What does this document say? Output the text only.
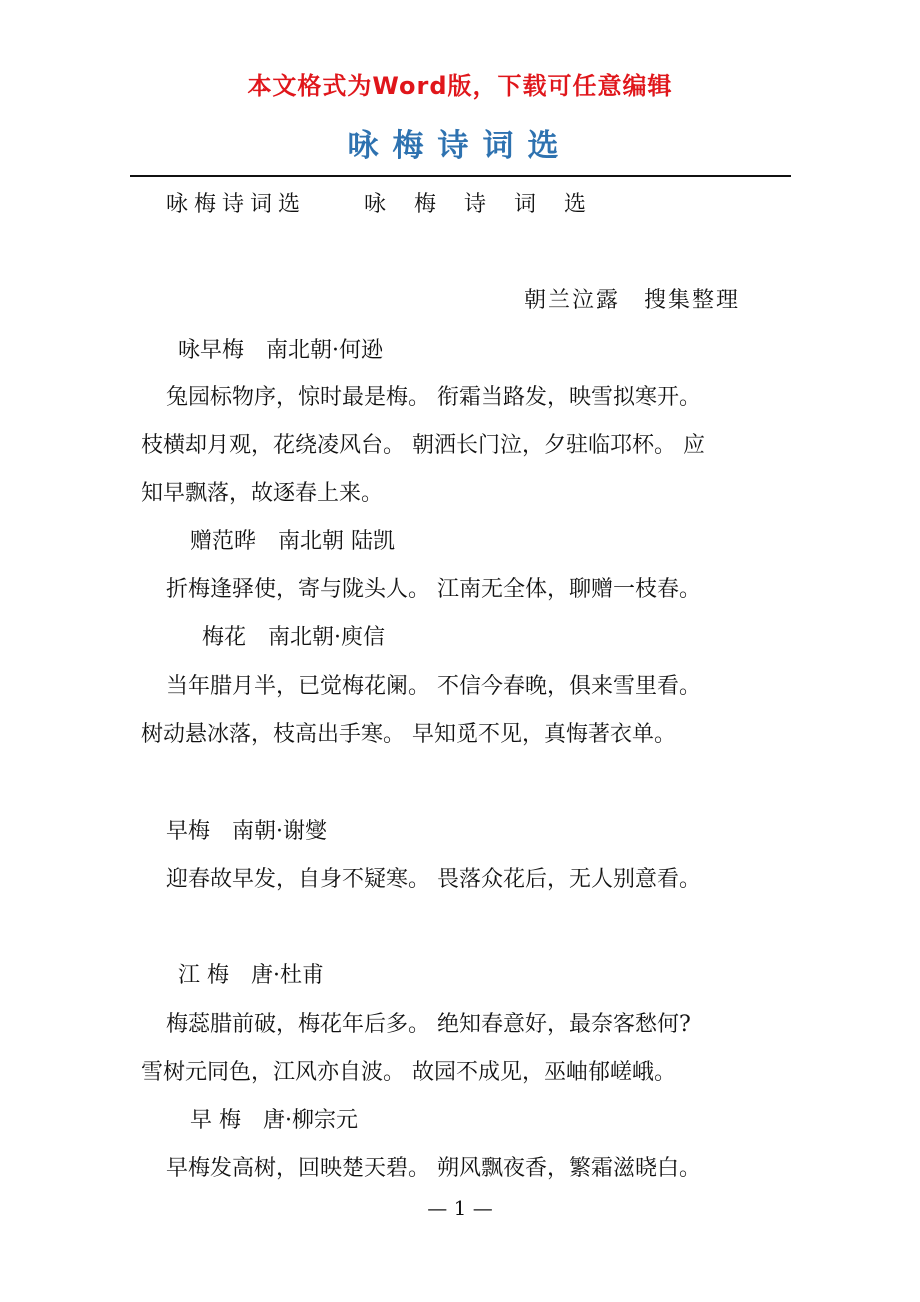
本文格式为Word版，下载可任意编辑
咏梅诗词选
咏梅诗词选	咏梅诗词选
朝兰泣露　搜集整理
咏早梅　南北朝·何逊
兔园标物序，惊时最是梅。 衔霜当路发，映雪拟寒开。
枝横却月观，花绕凌风台。 朝洒长门泣，夕驻临邛杯。 应
知早飘落，故逐春上来。
赠范晔　南北朝 陆凯
折梅逢驿使，寄与陇头人。 江南无全体，聊赠一枝春。
梅花　南北朝·庾信
当年腊月半，已觉梅花阑。 不信今春晚，俱来雪里看。
树动悬冰落，枝高出手寒。 早知觅不见，真悔著衣单。
早梅　南朝·谢燮
迎春故早发，自身不疑寒。 畏落众花后，无人别意看。
江 梅　唐·杜甫
梅蕊腊前破，梅花年后多。 绝知春意好，最奈客愁何?
雪树元同色，江风亦自波。 故园不成见，巫岫郁嵯峨。
早 梅　唐·柳宗元
早梅发高树，回映楚天碧。 朔风飘夜香，繁霜滋晓白。
— 1 —
